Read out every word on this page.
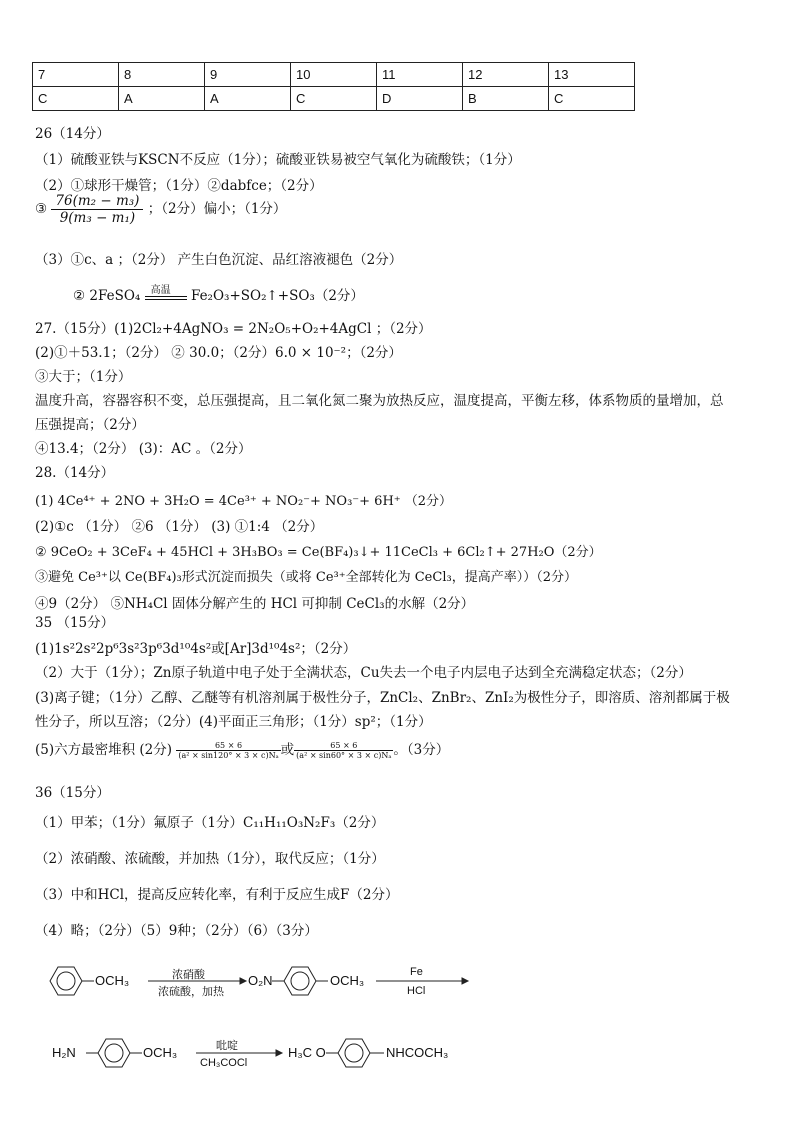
7	8	9	10	11	12	13
C	A	A	C	D	B	C
26（14分）
（1）硫酸亚铁与KSCN不反应（1分）；硫酸亚铁易被空气氧化为硫酸铁；（1分）
（2）①球形干燥管；（1分）②dabfce；（2分）
③ $\frac{\text{76(m₂ − m₃)}}{\text{9(m₃ − m₁)}}$ ；（2分）偏小；（1分）
（3）①c、a ；（2分） 产生白色沉淀、品红溶液褪色（2分）
② 2FeSO₄ 高温 Fe₂O₃+SO₂↑+SO₃（2分）
27.（15分）(1)2Cl₂+4AgNO₃ = 2N₂O₅+O₂+4AgCl ；（2分）
(2)①＋53.1；（2分） ② 30.0；（2分）6.0 × 10⁻²；（2分）
③大于；（1分）
温度升高，容器容积不变，总压强提高，且二氧化氮二聚为放热反应，温度提高，平衡左移，体系物质的量增加，总
压强提高；（2分）
④13.4；（2分） (3)：AC 。（2分）
28.（14分）
(1) 4Ce⁴⁺ + 2NO + 3H₂O = 4Ce³⁺ + NO₂⁻+ NO₃⁻+ 6H⁺ （2分）
(2)①c （1分） ②6 （1分） (3) ①1:4 （2分）
② 9CeO₂ + 3CeF₄ + 45HCl + 3H₃BO₃ = Ce(BF₄)₃↓+ 11CeCl₃ + 6Cl₂↑+ 27H₂O（2分）
③避免 Ce³⁺以 Ce(BF₄)₃形式沉淀而损失（或将 Ce³⁺全部转化为 CeCl₃，提高产率））（2分）
④9（2分） ⑤NH₄Cl 固体分解产生的 HCl 可抑制 CeCl₃的水解（2分）
35 （15分）
(1)1s²2s²2p⁶3s²3p⁶3d¹⁰4s²或[Ar]3d¹⁰4s²；（2分）
（2）大于（1分）；Zn原子轨道中电子处于全满状态，Cu失去一个电子内层电子达到全充满稳定状态；（2分）
(3)离子键；（1分）乙醇、乙醚等有机溶剂属于极性分子，ZnCl₂、ZnBr₂、ZnI₂为极性分子，即溶质、溶剂都属于极
性分子，所以互溶；（2分）(4)平面正三角形；（1分）sp²；（1分）
(5)六方最密堆积 (2分) $\frac{65 \times 6}{\text{(a² × sin120° × 3 × c)Nₐ}}$ 或 $\frac{65 \times 6}{\text{(a² × sin60° × 3 × c)Nₐ}}$ 。（3分）
36（15分）
（1）甲苯；（1分）氟原子（1分）C₁₁H₁₁O₃N₂F₃（2分）
（2）浓硝酸、浓硫酸，并加热（1分），取代反应；（1分）
（3）中和HCl，提高反应转化率，有利于反应生成F（2分）
（4）略；（2分）（5）9种；（2分）（6）（3分）
OCH₃	浓硝酸
浓硫酸，加热
O₂N	OCH₃
Fe
HCl
H₂N	OCH₃	吡啶
CH₃COCl
H₃C O	NHCOCH₃
